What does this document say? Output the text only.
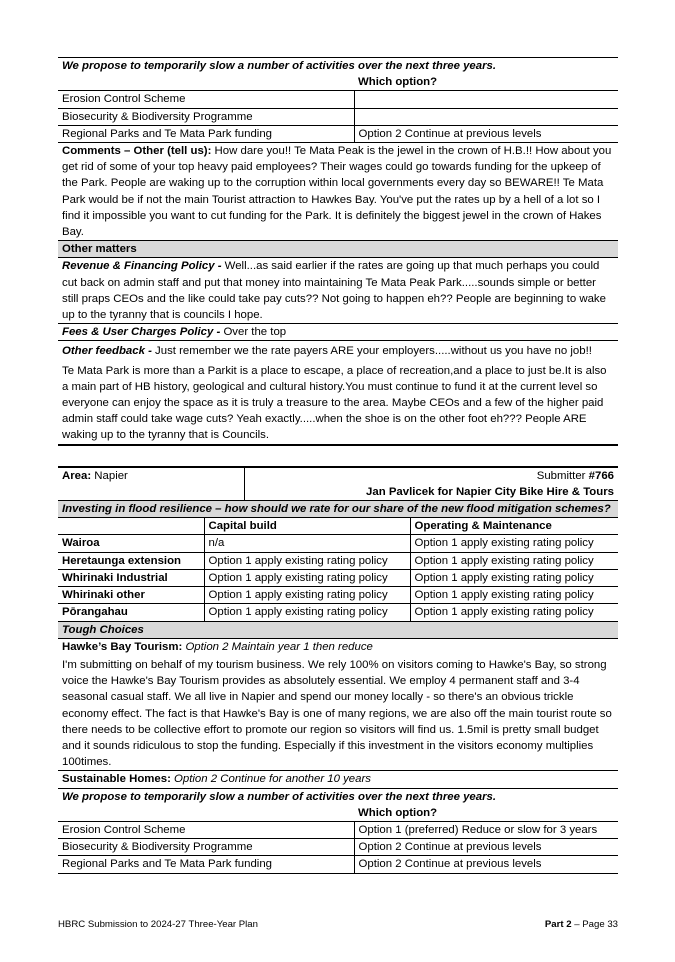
We propose to temporarily slow a number of activities over the next three years.	
	Which option?
Erosion Control Scheme	
Biosecurity & Biodiversity Programme	
Regional Parks and Te Mata Park funding	Option 2 Continue at previous levels
Comments – Other (tell us): How dare you!! Te Mata Peak is the jewel in the crown of H.B.!! How about you get rid of some of your top heavy paid employees? Their wages could go towards funding for the upkeep of the Park. People are waking up to the corruption within local governments every day so BEWARE!! Te Mata Park would be if not the main Tourist attraction to Hawkes Bay. You've put the rates up by a hell of a lot so I find it impossible you want to cut funding for the Park. It is definitely the biggest jewel in the crown of Hakes Bay.
Other matters
Revenue & Financing Policy - Well...as said earlier if the rates are going up that much perhaps you could cut back on admin staff and put that money into maintaining Te Mata Peak Park.....sounds simple or better still praps CEOs and the like could take pay cuts?? Not going to happen eh?? People are beginning to wake up to the tyranny that is councils I hope.
Fees & User Charges Policy - Over the top
Other feedback - Just remember we the rate payers ARE your employers.....without us you have no job!!
Te Mata Park is more than a Parkit is a place to escape, a place of recreation,and a place to just be.It is also a main part of HB history, geological and cultural history.You must continue to fund it at the current level so everyone can enjoy the space as it is truly a treasure to the area. Maybe CEOs and a few of the higher paid admin staff could take wage cuts? Yeah exactly.....when the shoe is on the other foot eh??? People ARE waking up to the tyranny that is Councils.
Area: Napier	Submitter #766
Jan Pavlicek for Napier City Bike Hire & Tours
Investing in flood resilience – how should we rate for our share of the new flood mitigation schemes?		
	Capital build	Operating & Maintenance
Wairoa	n/a	Option 1 apply existing rating policy
Heretaunga extension	Option 1 apply existing rating policy	Option 1 apply existing rating policy
Whirinaki Industrial	Option 1 apply existing rating policy	Option 1 apply existing rating policy
Whirinaki other	Option 1 apply existing rating policy	Option 1 apply existing rating policy
Pōrangahau	Option 1 apply existing rating policy	Option 1 apply existing rating policy
Tough Choices
Hawke’s Bay Tourism: Option 2 Maintain year 1 then reduce
I'm submitting on behalf of my tourism business. We rely 100% on visitors coming to Hawke's Bay, so strong voice the Hawke's Bay Tourism provides as absolutely essential. We employ 4 permanent staff and 3-4 seasonal casual staff. We all live in Napier and spend our money locally - so there's an obvious trickle economy effect. The fact is that Hawke's Bay is one of many regions, we are also off the main tourist route so there needs to be collective effort to promote our region so visitors will find us. 1.5mil is pretty small budget and it sounds ridiculous to stop the funding. Especially if this investment in the visitors economy multiplies 100times.
Sustainable Homes: Option 2 Continue for another 10 years
We propose to temporarily slow a number of activities over the next three years.	
	Which option?
Erosion Control Scheme	Option 1 (preferred) Reduce or slow for 3 years
Biosecurity & Biodiversity Programme	Option 2 Continue at previous levels
Regional Parks and Te Mata Park funding	Option 2 Continue at previous levels
HBRC Submission to 2024-27 Three-Year Plan	Part 2 – Page 33
